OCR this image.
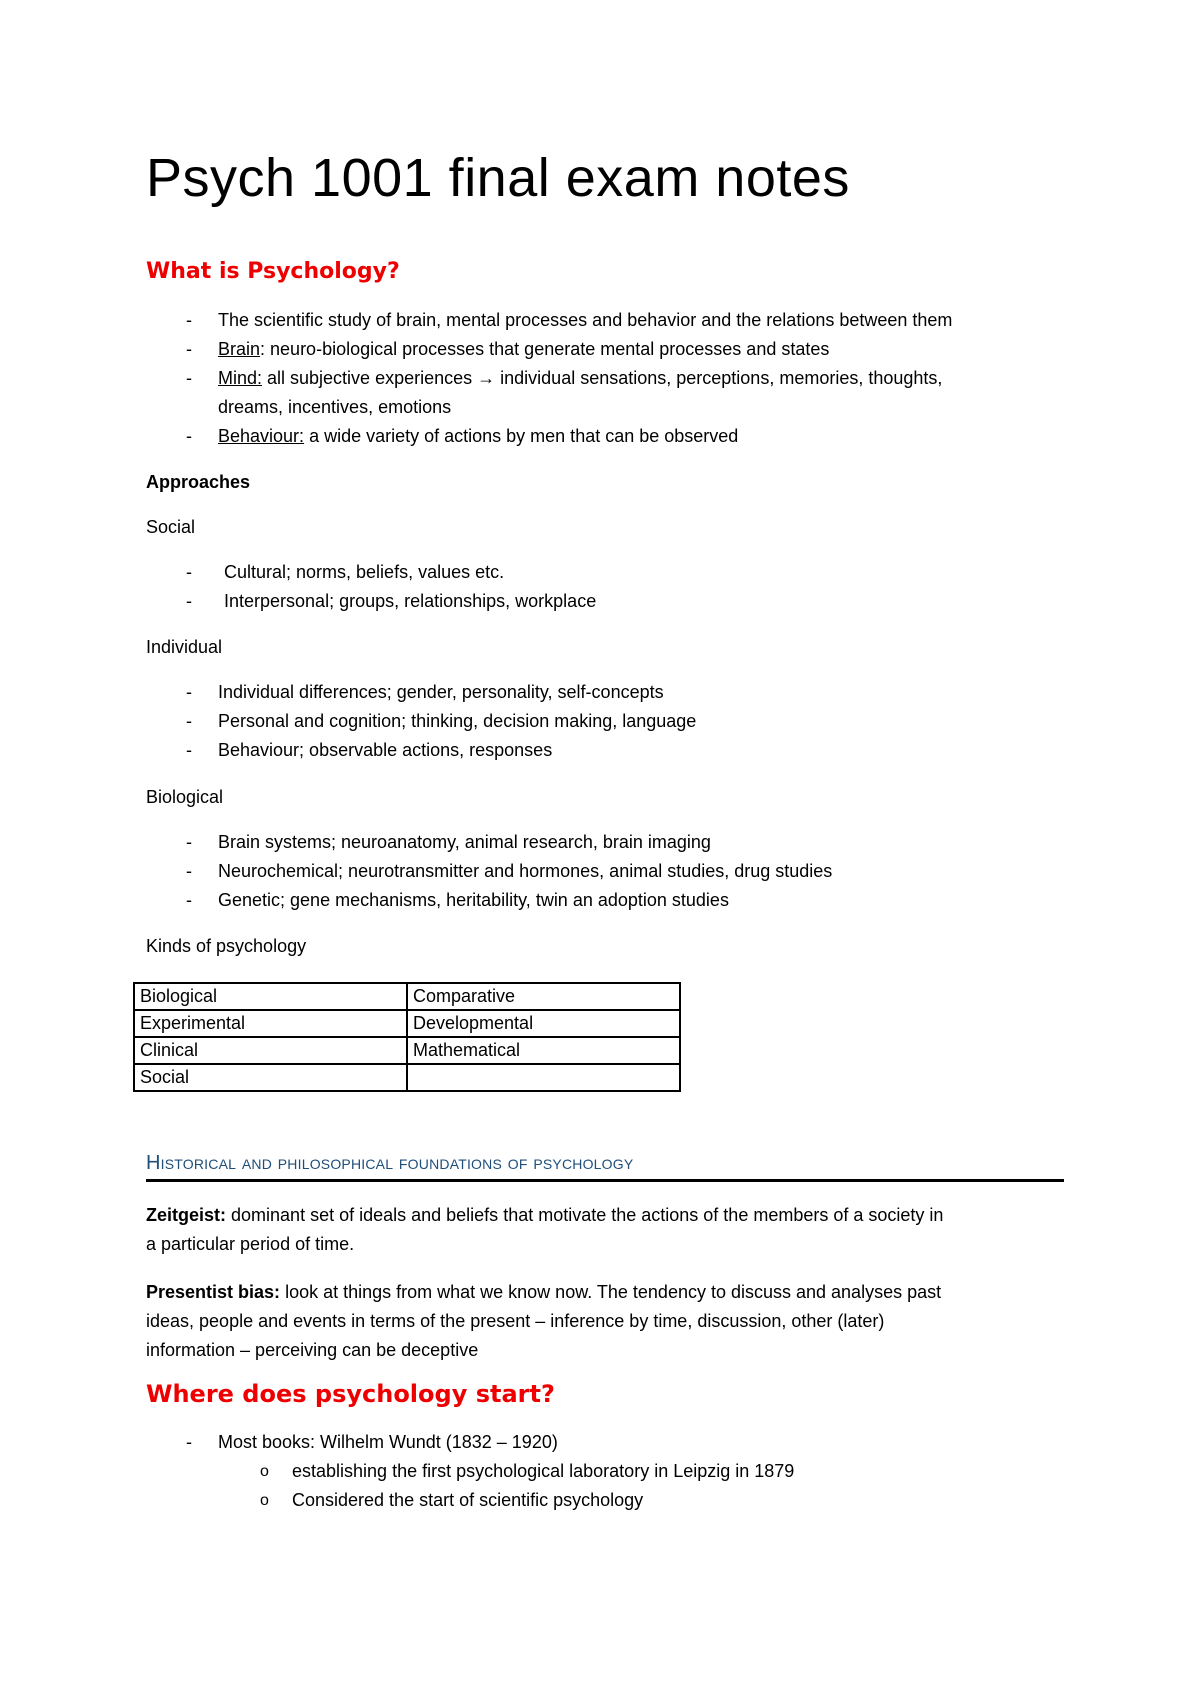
Psych 1001 final exam notes
What is Psychology?
- The scientific study of brain, mental processes and behavior and the relations between them
- Brain: neuro-biological processes that generate mental processes and states
- Mind: all subjective experiences → individual sensations, perceptions, memories, thoughts,
dreams, incentives, emotions
- Behaviour: a wide variety of actions by men that can be observed
Approaches
Social
- Cultural; norms, beliefs, values etc.
- Interpersonal; groups, relationships, workplace
Individual
- Individual differences; gender, personality, self-concepts
- Personal and cognition; thinking, decision making, language
- Behaviour; observable actions, responses
Biological
- Brain systems; neuroanatomy, animal research, brain imaging
- Neurochemical; neurotransmitter and hormones, animal studies, drug studies
- Genetic; gene mechanisms, heritability, twin an adoption studies
Kinds of psychology
Biological	Comparative
Experimental	Developmental
Clinical	Mathematical
Social	
Historical and philosophical foundations of psychology
Zeitgeist: dominant set of ideals and beliefs that motivate the actions of the members of a society in
a particular period of time.
Presentist bias: look at things from what we know now. The tendency to discuss and analyses past
ideas, people and events in terms of the present – inference by time, discussion, other (later)
information – perceiving can be deceptive
Where does psychology start?
- Most books: Wilhelm Wundt (1832 – 1920)
o establishing the first psychological laboratory in Leipzig in 1879
o Considered the start of scientific psychology
